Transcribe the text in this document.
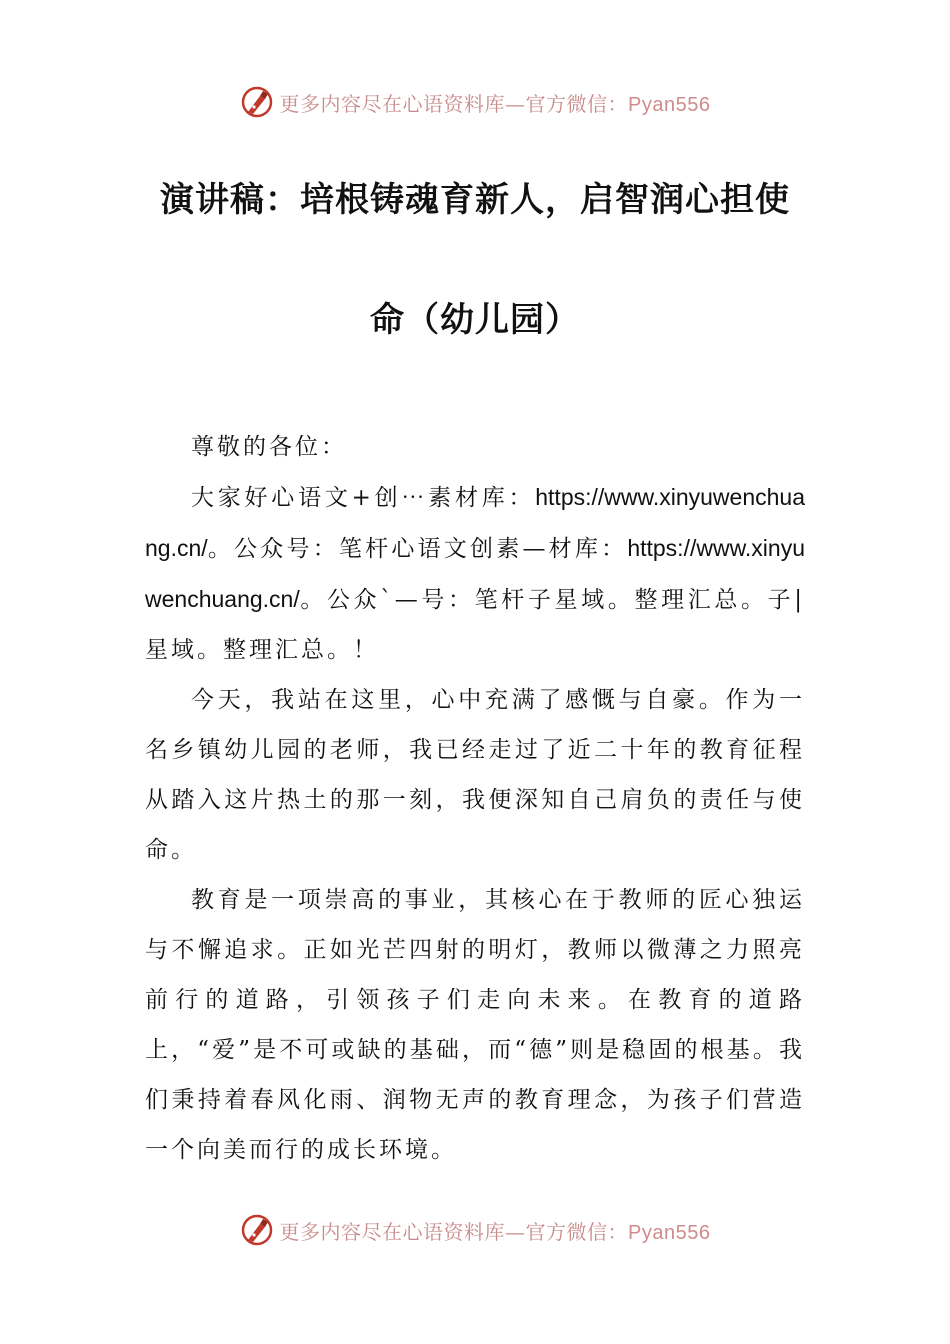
更多内容尽在心语资料库—官方微信：Pyan556
演讲稿：培根铸魂育新人，启智润心担使
命（幼儿园）

尊敬的各位：

大家好心语文+创⋯素材库：https://www.xinyuwenchuang.cn/。公众号：笔杆心语文创素—材库：https://www.xinyuwenchuang.cn/。公众`—号：笔杆子星域。整理汇总。子|星域。整理汇总。！

今天，我站在这里，心中充满了感慨与自豪。作为一名乡镇幼儿园的老师，我已经走过了近二十年的教育征程从踏入这片热土的那一刻，我便深知自己肩负的责任与使命。

教育是一项崇高的事业，其核心在于教师的匠心独运与不懈追求。正如光芒四射的明灯，教师以微薄之力照亮前行的道路，引领孩子们走向未来。在教育的道路上，“爱”是不可或缺的基础，而“德”则是稳固的根基。我们秉持着春风化雨、润物无声的教育理念，为孩子们营造一个向美而行的成长环境。

更多内容尽在心语资料库—官方微信：Pyan556
